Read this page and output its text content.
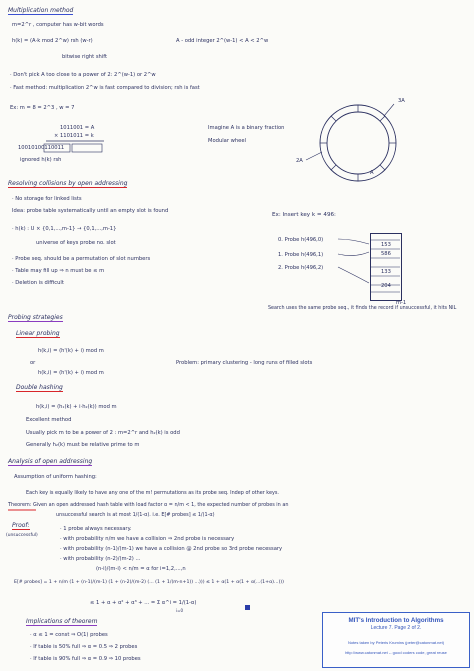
Multiplication method
m=2^r , computer has w-bit words
h(k) = (A·k mod 2^w) rsh (w-r)
bitwise right shift
A - odd integer 2^(w-1) < A < 2^w
· Don't pick A too close to a power of 2: 2^(w-1) or 2^w
· Fast method: multiplication 2^w is fast compared to division; rsh is fast
Ex: m = 8 = 2^3 , w = 7
1011001 = A
× 1101011 = k
10010100110011
ignored h(k) rsh
Imagine A is a binary fraction
Modular wheel
3A
2A
A
Resolving collisions by open addressing
· No storage for linked lists
Idea: probe table systematically until an empty slot is found
· h(k) : U × {0,1,...,m-1} → {0,1,...,m-1}
universe of keys probe no. slot
· Probe seq. should be a permutation of slot numbers
· Table may fill up ⇒ n must be ≤ m
· Deletion is difficult
Ex: Insert key k = 496:
0. Probe h(496,0)
1. Probe h(496,1)
2. Probe h(496,2)
m-1
Search uses the same probe seq., it finds the record if unsuccessful, it hits NIL
153
586
133
204
Probing strategies
Linear probing
h(k,i) = (h'(k) + i) mod m
or
h(k,i) = (h'(k) + i) mod m
Problem: primary clustering - long runs of filled slots
Double hashing
h(k,i) = (h₁(k) + i·h₂(k)) mod m
Excellent method
Usually pick m to be a power of 2 : m=2^r and h₂(k) is odd
Generally h₂(k) must be relative prime to m
Analysis of open addressing
Assumption of uniform hashing:
Each key is equally likely to have any one of the m! permutations as its probe seq. Indep of other keys.
Theorem: Given an open addressed hash table with load factor α = n/m < 1, the expected number of probes in an
unsuccessful search is at most 1/(1-α). i.e. E[# probes] ≤ 1/(1-α)
Proof:
(unsuccessful)
· 1 probe always necessary.
· with probability n/m we have a collision ⇒ 2nd probe is necessary
· with probability (n-1)/(m-1) we have a collision @ 2nd probe so 3rd probe necessary
· with probability (n-2)/(m-2) ...
(n-i)/(m-i) < n/m = α for i=1,2,...,n
E[# probes] = 1 + n/m (1 + (n-1)/(m-1) (1 + (n-2)/(m-2) (... (1 + 1/(m-n+1)) ...))) ≤ 1 + α(1 + α(1 + α(...(1+α)...)))
≤ 1 + α + α² + α³ + ... = Σ α^i = 1/(1-α)
i=0
Implications of theorem
· α ≤ 1 = const ⇒ O(1) probes
· If table is 50% full ⇒ α = 0.5 ⇒ 2 probes
· If table is 90% full ⇒ α = 0.9 ⇒ 10 probes
MIT's Introduction to Algorithms
Lecture 7. Page 2 of 2.
Notes taken by Peteris Krumins (peter@catonmat.net)
http://www.catonmat.net -- good coders code, great reuse
